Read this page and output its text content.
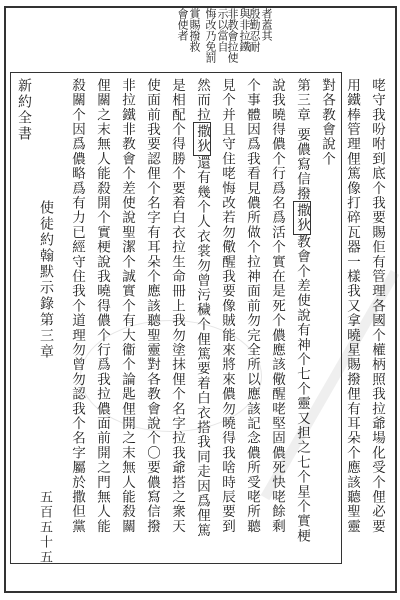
賞賜撥救
會使者 示以當自
悔改乃免罰 與非拉鐵
非教會拉使 者蓋其
殷勤忍耐
咾守我吩咐到底个我要賜佢有管理各國个權柄照我拉爺場化受个俚必要
用鐵棒管理俚篤像打碎瓦器一樣我又拿曉星賜撥俚有耳朵个應該聽聖靈
對各教會說个
第三章 要儂寫信撥撒狄教會个差使說有神个七个靈又担之七个星个實梗
說我曉得儂个行爲名爲活个實在是死个儂應該儆醒咾堅固儂死快咾餘剩
个事體因爲我看見儂所做个拉神面前勿完全所以應該記念儂所受咾所聽
見个并且守住咾悔改若勿儆醒我要像賊能來將來儂勿曉得我啥時辰要到
然而拉撒狄還有幾个人衣裳勿曾污穢个俚篤要着白衣搭我同走因爲俚篤
是相配个得勝个要着白衣拉生命冊上我勿塗抹俚个名字拉我爺搭之衆天
使面前我要認俚个名字有耳朵个應該聽聖靈對各教會說个〇要儂寫信撥
非拉鐵非教會个差使說聖潔个誠實个有大衞个論匙俚開之末無人能殺關
俚關之末無人能殺開个實梗說我曉得儂个行爲我拉儂面前開之門無人能
殺關个因爲儂略爲有力已經守住我个道理勿曾勿認我个名字屬於撒但黨
新約全書
使徒約翰默示錄第三章
五百五十五
